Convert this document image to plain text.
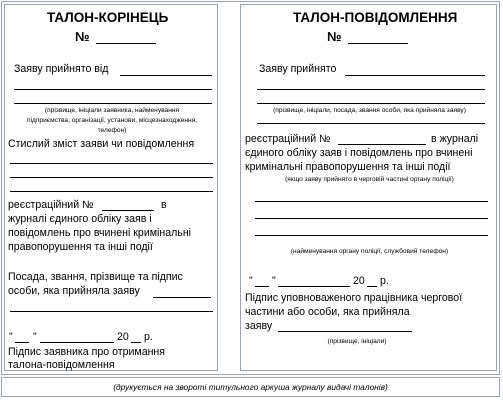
ТАЛОН-КОРІНЕЦЬ
№
Заяву прийнято від
(прізвище, ініціали заявника, найменування
підприємства, організації, установи, місцезнаходження,
телефон)
Стислий зміст заяви чи повідомлення
реєстраційний №	в
журналі єдиного обліку заяв і
повідомлень про вчинені кримінальні
правопорушення та інші події
Посада, звання, прізвище та підпис
особи, яка прийняла заяву
" "	20 р.
Підпис заявника про отримання
талона-повідомлення
ТАЛОН-ПОВІДОМЛЕННЯ
№
Заяву прийнято
(прізвище, ініціали, посада, звання особи, яка прийняла заяву)
реєстраційний №	в журналі
єдиного обліку заяв і повідомлень про вчинені
кримінальні правопорушення та інші події
(якщо заяву прийнято в черговій частині органу поліції)
(найменування органу поліції, службовий телефон)
" "	20 р.
Підпис уповноваженого працівника чергової
частини або особи, яка прийняла
заяву
(прізвище, ініціали)
(друкується на звороті титульного аркуша журналу видачі талонів)
